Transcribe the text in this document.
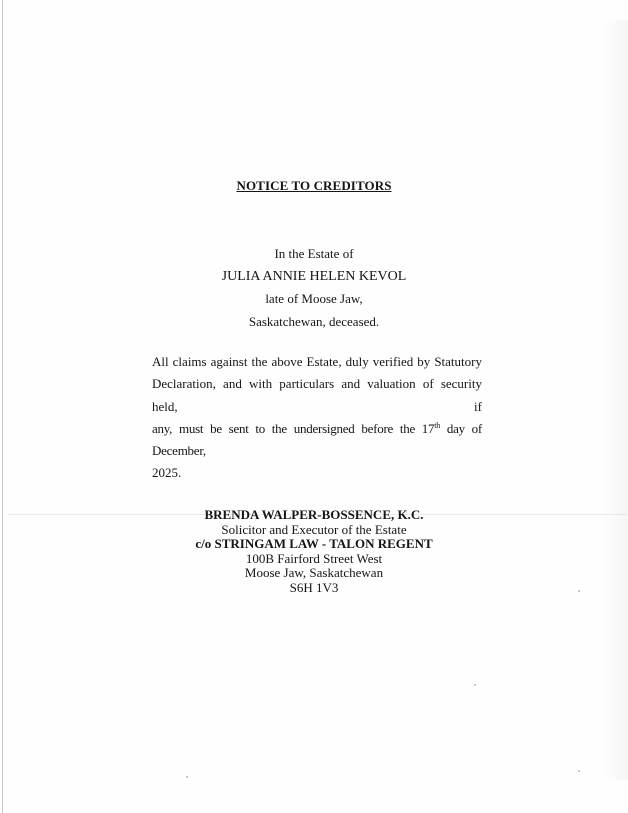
NOTICE TO CREDITORS
In the Estate of
JULIA ANNIE HELEN KEVOL
late of Moose Jaw,
Saskatchewan, deceased.
All claims against the above Estate, duly verified by Statutory
Declaration, and with particulars and valuation of security held, if
any, must be sent to the undersigned before the 17th day of December,
2025.
BRENDA WALPER-BOSSENCE, K.C.
Solicitor and Executor of the Estate
c/o STRINGAM LAW - TALON REGENT
100B Fairford Street West
Moose Jaw, Saskatchewan
S6H 1V3
